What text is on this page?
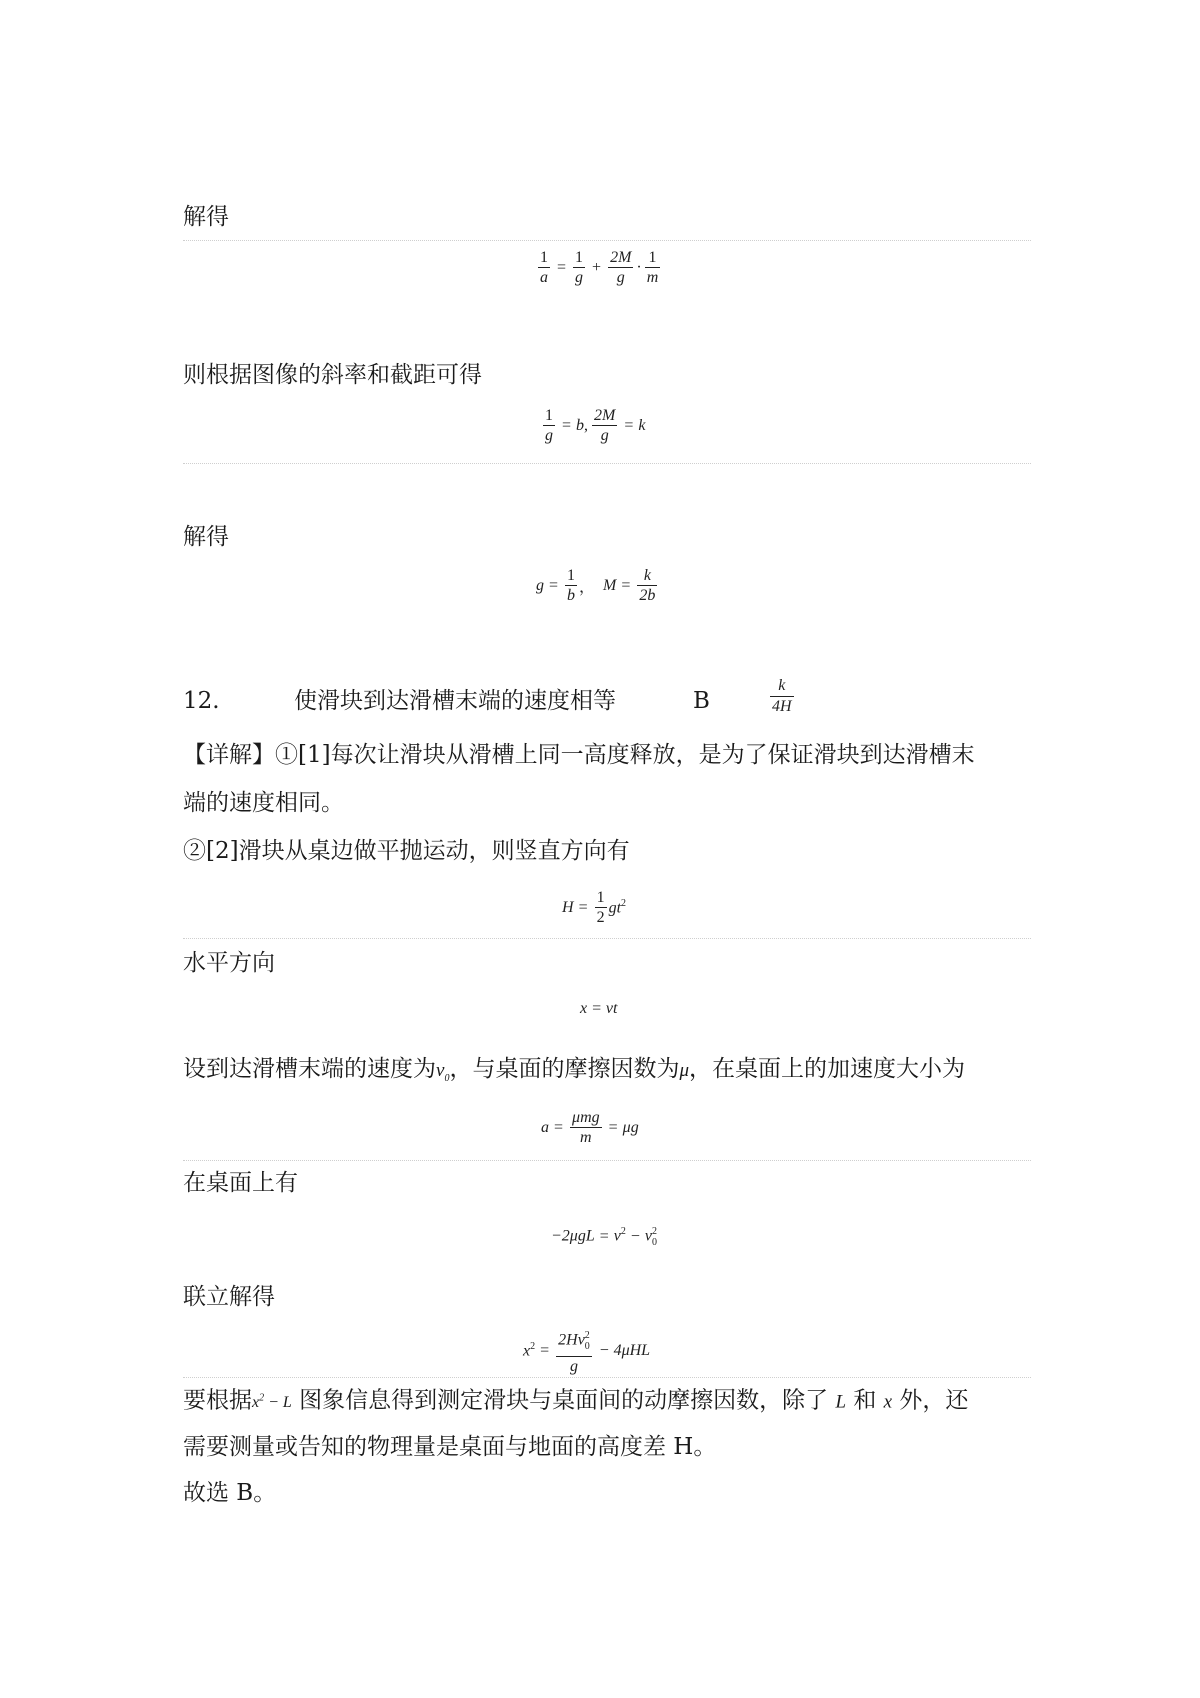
解得
$\frac{1}{a} = \frac{1}{g} + \frac{2M}{g} \cdot \frac{1}{m}$
则根据图像的斜率和截距可得
$\frac{1}{g} = b$, $\frac{2M}{g} = k$
解得
$g = \frac{1}{b}$ ， $M = \frac{k}{2b}$
12.	使滑块到达滑槽末端的速度相等	B	$\frac{k}{4H}$
【详解】①[1]每次让滑块从滑槽上同一高度释放，是为了保证滑块到达滑槽末
端的速度相同。
②[2]滑块从桌边做平抛运动，则竖直方向有
$H = \frac{1}{2} gt^2$
水平方向
x = vt
设到达滑槽末端的速度为$v_0$，与桌面的摩擦因数为μ，在桌面上的加速度大小为
$a = \frac{\text{μmg}}{m} = \mu g$
在桌面上有
$-2\mu gL = v^2 - v^2_0$
联立解得
$x^2 = \frac{2Hv^2_0}{g} - 4\mu HL$
要根据$x^2 - L$ 图象信息得到测定滑块与桌面间的动摩擦因数，除了 L 和 x 外，还
需要测量或告知的物理量是桌面与地面的高度差 H。
故选 B。
